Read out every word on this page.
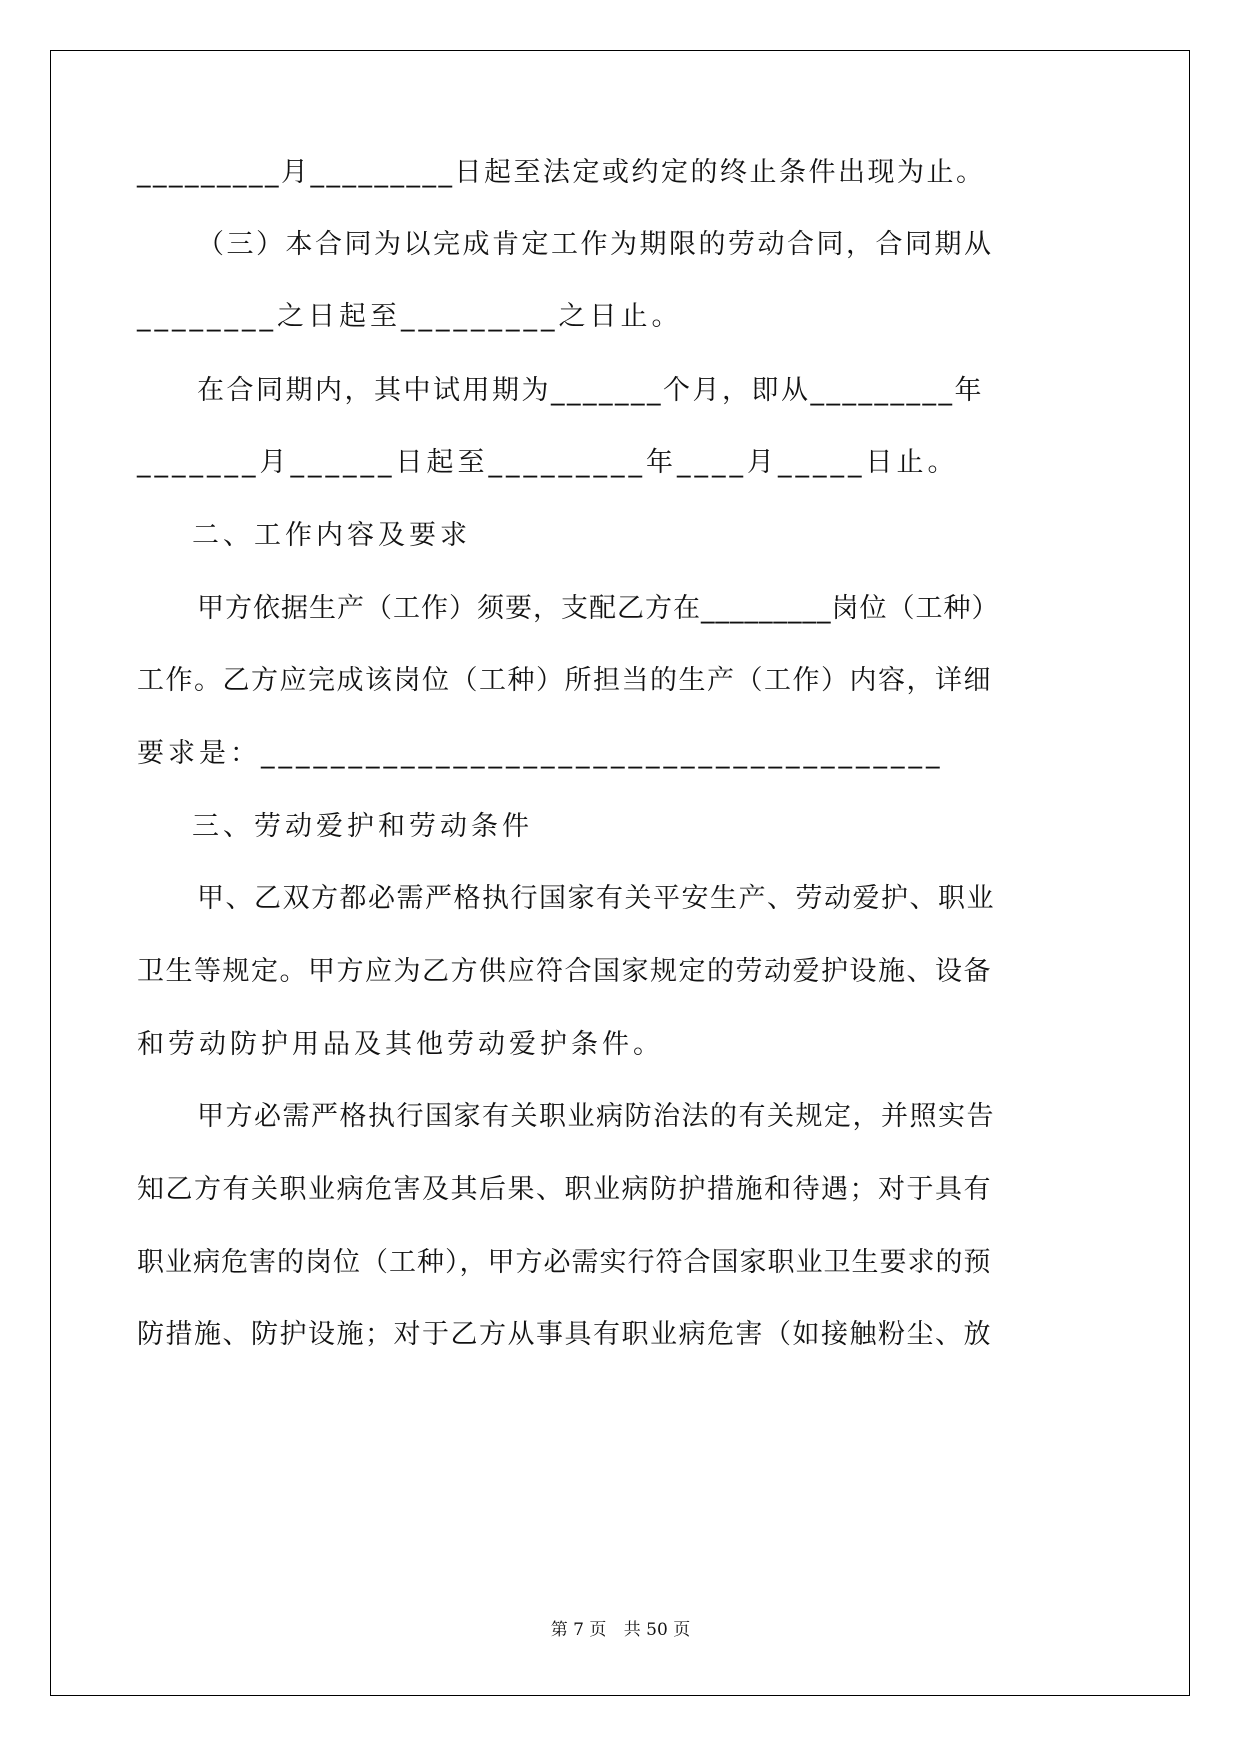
_________月_________日起至法定或约定的终止条件出现为止。
（三）本合同为以完成肯定工作为期限的劳动合同，合同期从
________之日起至_________之日止。
在合同期内，其中试用期为_______个月，即从_________年
_______月______日起至_________年____月_____日止。
二、工作内容及要求
甲方依据生产（工作）须要，支配乙方在_________岗位（工种）
工作。乙方应完成该岗位（工种）所担当的生产（工作）内容，详细
要求是：_______________________________________
三、劳动爱护和劳动条件
甲、乙双方都必需严格执行国家有关平安生产、劳动爱护、职业
卫生等规定。甲方应为乙方供应符合国家规定的劳动爱护设施、设备
和劳动防护用品及其他劳动爱护条件。
甲方必需严格执行国家有关职业病防治法的有关规定，并照实告
知乙方有关职业病危害及其后果、职业病防护措施和待遇；对于具有
职业病危害的岗位（工种），甲方必需实行符合国家职业卫生要求的预
防措施、防护设施；对于乙方从事具有职业病危害（如接触粉尘、放
第 7 页 共 50 页
